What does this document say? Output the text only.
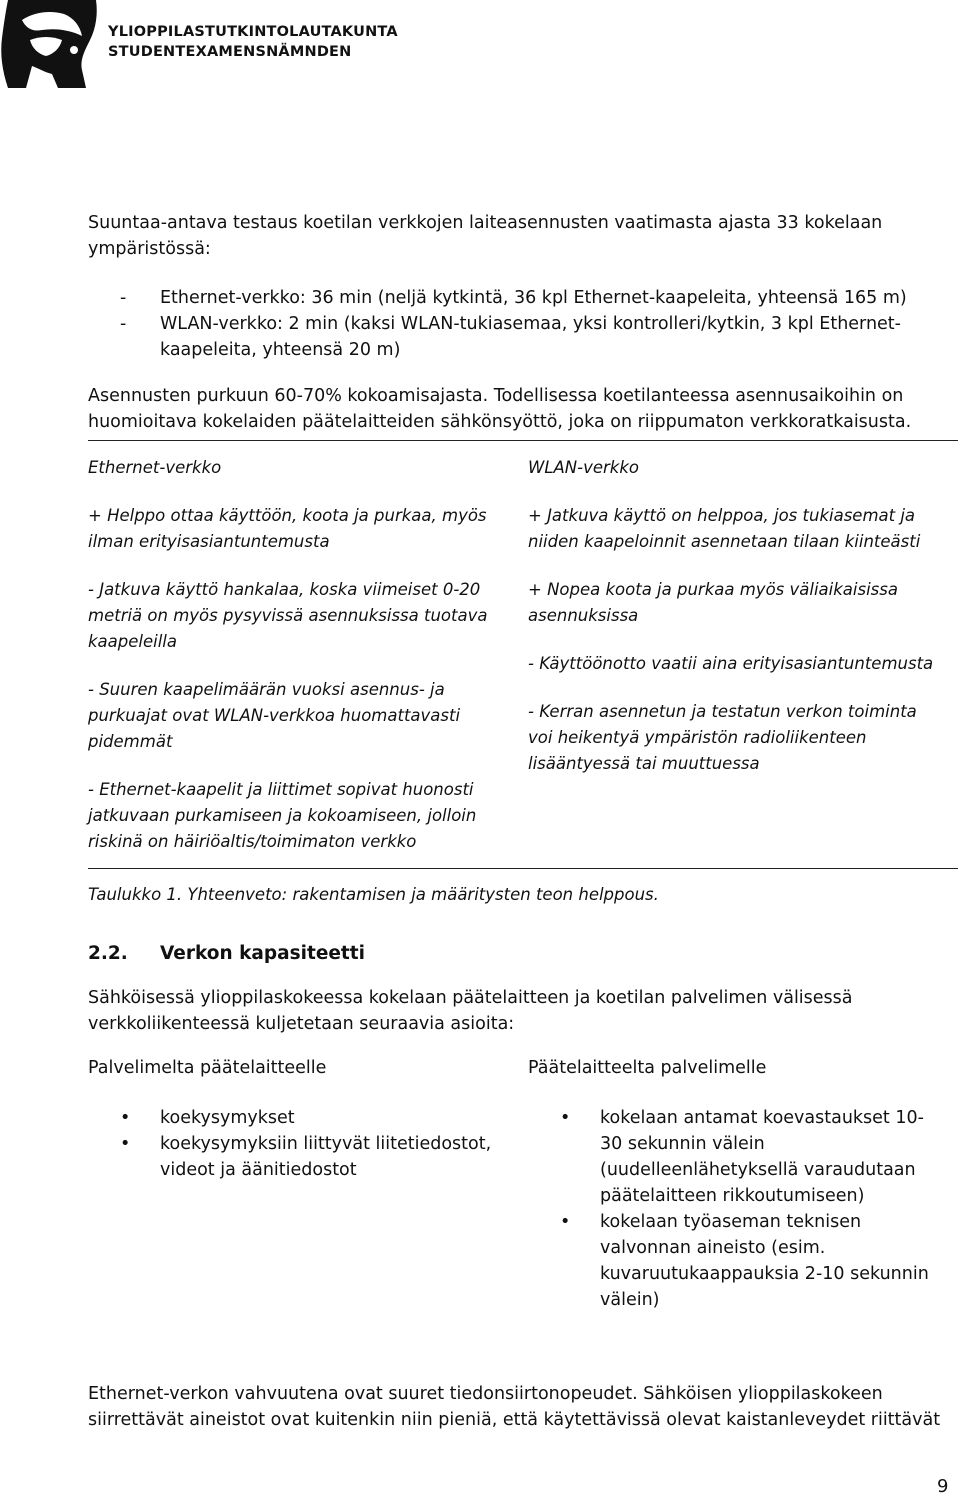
YLIOPPILASTUTKINTOLAUTAKUNTA
STUDENTEXAMENSNÄMNDEN

Suuntaa-antava testaus koetilan verkkojen laiteasennusten vaatimasta ajasta 33 kokelaan ympäristössä:

- Ethernet-verkko: 36 min (neljä kytkintä, 36 kpl Ethernet-kaapeleita, yhteensä 165 m)
- WLAN-verkko: 2 min (kaksi WLAN-tukiasemaa, yksi kontrolleri/kytkin, 3 kpl Ethernet-kaapeleita, yhteensä 20 m)

Asennusten purkuun 60-70% kokoamisajasta. Todellisessa koetilanteessa asennusaikoihin on huomioitava kokelaiden päätelaitteiden sähkönsyöttö, joka on riippumaton verkkoratkaisusta.

Ethernet-verkko

+ Helppo ottaa käyttöön, koota ja purkaa, myös ilman erityisasiantuntemusta

- Jatkuva käyttö hankalaa, koska viimeiset 0-20 metriä on myös pysyvissä asennuksissa tuotava kaapeleilla

- Suuren kaapelimäärän vuoksi asennus- ja purkuajat ovat WLAN-verkkoa huomattavasti pidemmät

- Ethernet-kaapelit ja liittimet sopivat huonosti jatkuvaan purkamiseen ja kokoamiseen, jolloin riskinä on häiriöaltis/toimimaton verkko

WLAN-verkko

+ Jatkuva käyttö on helppoa, jos tukiasemat ja niiden kaapeloinnit asennetaan tilaan kiinteästi

+ Nopea koota ja purkaa myös väliaikaisissa asennuksissa

- Käyttöönotto vaatii aina erityisasiantuntemusta

- Kerran asennetun ja testatun verkon toiminta voi heikentyä ympäristön radioliikenteen lisääntyessä tai muuttuessa

Taulukko 1. Yhteenveto: rakentamisen ja määritysten teon helppous.

2.2. Verkon kapasiteetti

Sähköisessä ylioppilaskokeessa kokelaan päätelaitteen ja koetilan palvelimen välisessä verkkoliikenteessä kuljetetaan seuraavia asioita:

Palvelimelta päätelaitteelle	Päätelaitteelta palvelimelle
• koekysymykset
• koekysymyksiin liittyvät liitetiedostot, videot ja äänitiedostot
• kokelaan antamat koevastaukset 10-30 sekunnin välein (uudelleenlähetyksellä varaudutaan päätelaitteen rikkoutumiseen)
• kokelaan työaseman teknisen valvonnan aineisto (esim. kuvaruutukaappauksia 2-10 sekunnin välein)

Ethernet-verkon vahvuutena ovat suuret tiedonsiirtonopeudet. Sähköisen ylioppilaskokeen siirrettävät aineistot ovat kuitenkin niin pieniä, että käytettävissä olevat kaistanleveydet riittävät

9
